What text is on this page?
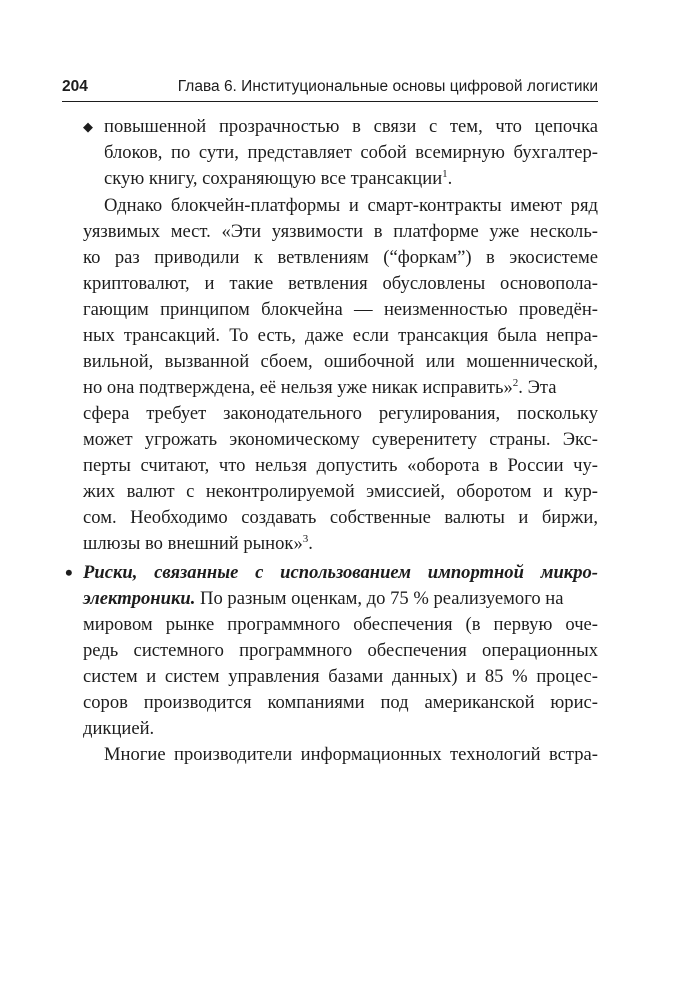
204	Глава 6. Институциональные основы цифровой логистики
◆ повышенной прозрачностью в связи с тем, что цепочка
блоков, по сути, представляет собой всемирную бухгалтер-
скую книгу, сохраняющую все трансакции$^1$.
Однако блокчейн-платформы и смарт-контракты имеют ряд
уязвимых мест. «Эти уязвимости в платформе уже несколь-
ко раз приводили к ветвлениям (“форкам”) в экосистеме
криптовалют, и такие ветвления обусловлены основопола-
гающим принципом блокчейна — неизменностью проведён-
ных трансакций. То есть, даже если трансакция была непра-
вильной, вызванной сбоем, ошибочной или мошеннической,
но она подтверждена, её нельзя уже никак исправить»$^2$. Эта
сфера требует законодательного регулирования, поскольку
может угрожать экономическому суверенитету страны. Экс-
перты считают, что нельзя допустить «оборота в России чу-
жих валют с неконтролируемой эмиссией, оборотом и кур-
сом. Необходимо создавать собственные валюты и биржи,
шлюзы во внешний рынок»$^3$.
• Риски, связанные с использованием импортной микро-
электроники. По разным оценкам, до 75 % реализуемого на
мировом рынке программного обеспечения (в первую оче-
редь системного программного обеспечения операционных
систем и систем управления базами данных) и 85 % процес-
соров производится компаниями под американской юрис-
дикцией.
Многие производители информационных технологий встра-
